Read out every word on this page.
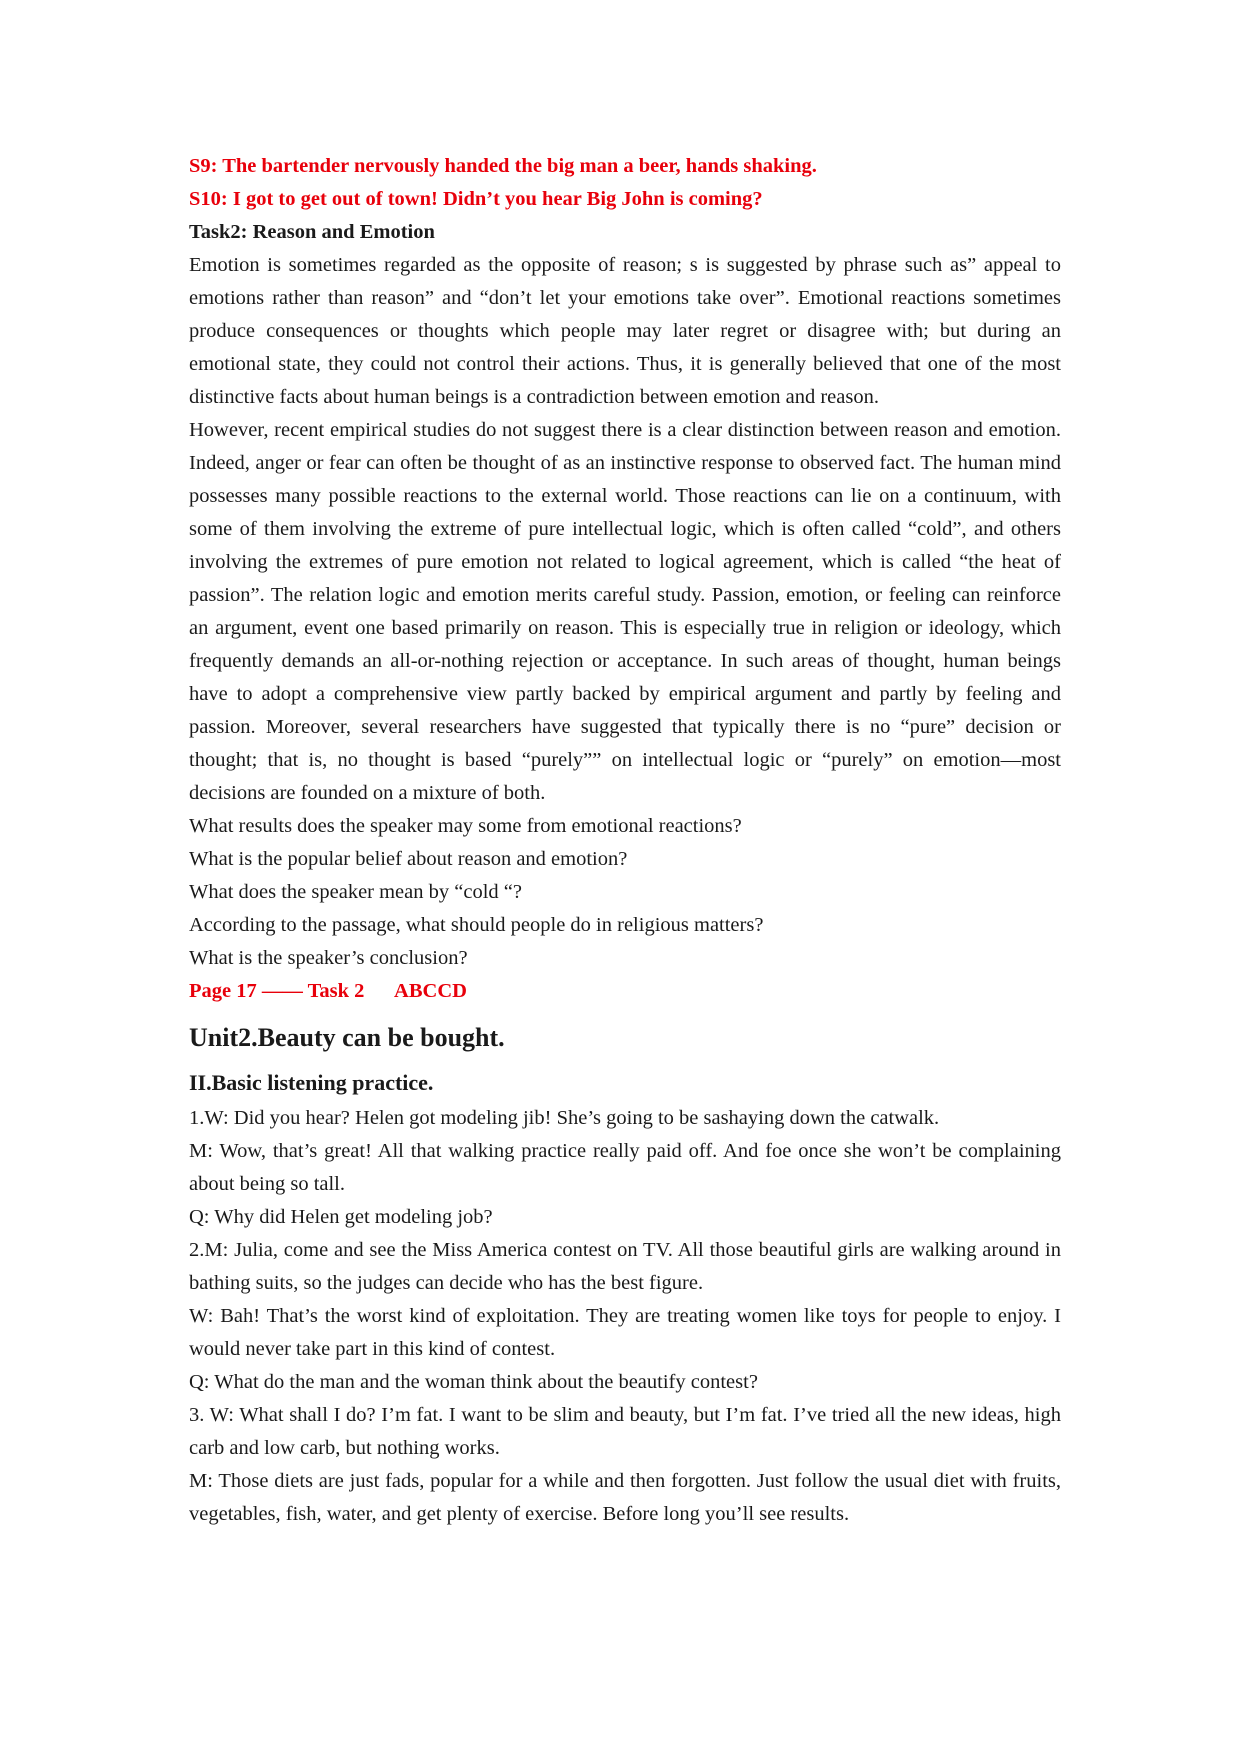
S9: The bartender nervously handed the big man a beer, hands shaking.

S10: I got to get out of town! Didn’t you hear Big John is coming?

Task2: Reason and Emotion

Emotion is sometimes regarded as the opposite of reason; s is suggested by phrase such as” appeal to emotions rather than reason” and “don’t let your emotions take over”. Emotional reactions sometimes produce consequences or thoughts which people may later regret or disagree with; but during an emotional state, they could not control their actions. Thus, it is generally believed that one of the most distinctive facts about human beings is a contradiction between emotion and reason.

However, recent empirical studies do not suggest there is a clear distinction between reason and emotion. Indeed, anger or fear can often be thought of as an instinctive response to observed fact. The human mind possesses many possible reactions to the external world. Those reactions can lie on a continuum, with some of them involving the extreme of pure intellectual logic, which is often called “cold”, and others involving the extremes of pure emotion not related to logical agreement, which is called “the heat of passion”. The relation logic and emotion merits careful study. Passion, emotion, or feeling can reinforce an argument, event one based primarily on reason. This is especially true in religion or ideology, which frequently demands an all-or-nothing rejection or acceptance. In such areas of thought, human beings have to adopt a comprehensive view partly backed by empirical argument and partly by feeling and passion. Moreover, several researchers have suggested that typically there is no “pure” decision or thought; that is, no thought is based “purely”” on intellectual logic or “purely” on emotion—most decisions are founded on a mixture of both.

What results does the speaker may some from emotional reactions?

What is the popular belief about reason and emotion?

What does the speaker mean by “cold “?

According to the passage, what should people do in religious matters?

What is the speaker’s conclusion?

Page 17 —— Task 2      ABCCD

Unit2.Beauty can be bought.
II.Basic listening practice.

1.W: Did you hear? Helen got modeling jib! She’s going to be sashaying down the catwalk.

M: Wow, that’s great! All that walking practice really paid off. And foe once she won’t be complaining about being so tall.

Q: Why did Helen get modeling job?

2.M: Julia, come and see the Miss America contest on TV. All those beautiful girls are walking around in bathing suits, so the judges can decide who has the best figure.

W: Bah! That’s the worst kind of exploitation. They are treating women like toys for people to enjoy. I would never take part in this kind of contest.

Q: What do the man and the woman think about the beautify contest?

3. W: What shall I do? I’m fat. I want to be slim and beauty, but I’m fat. I’ve tried all the new ideas, high carb and low carb, but nothing works.

M: Those diets are just fads, popular for a while and then forgotten. Just follow the usual diet with fruits, vegetables, fish, water, and get plenty of exercise. Before long you’ll see results.
